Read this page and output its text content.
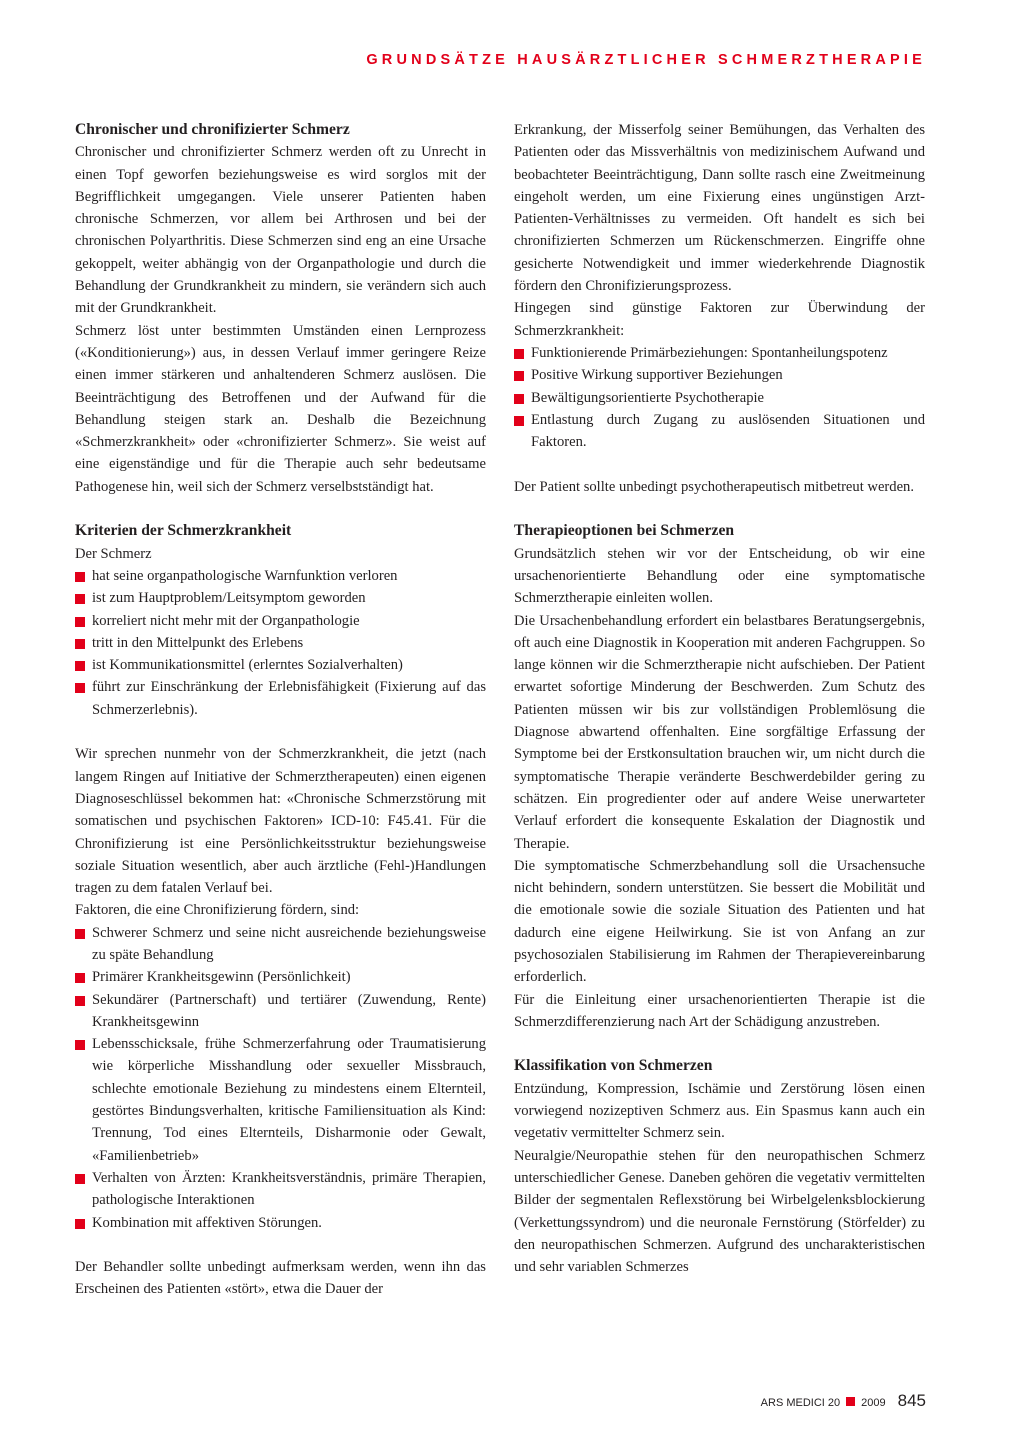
GRUNDSÄTZE HAUSÄRZTLICHER SCHMERZTHERAPIE
Chronischer und chronifizierter Schmerz

Chronischer und chronifizierter Schmerz werden oft zu Unrecht in einen Topf geworfen beziehungsweise es wird sorglos mit der Begrifflichkeit umgegangen. Viele unserer Patienten haben chronische Schmerzen, vor allem bei Arthrosen und bei der chronischen Polyarthritis. Diese Schmerzen sind eng an eine Ursache gekoppelt, weiter abhängig von der Organpathologie und durch die Behandlung der Grundkrankheit zu mindern, sie verändern sich auch mit der Grundkrankheit.

Schmerz löst unter bestimmten Umständen einen Lernprozess («Konditionierung») aus, in dessen Verlauf immer geringere Reize einen immer stärkeren und anhaltenderen Schmerz auslösen. Die Beeinträchtigung des Betroffenen und der Aufwand für die Behandlung steigen stark an. Deshalb die Bezeichnung «Schmerzkrankheit» oder «chronifizierter Schmerz». Sie weist auf eine eigenständige und für die Therapie auch sehr bedeutsame Pathogenese hin, weil sich der Schmerz verselbstständigt hat.

Kriterien der Schmerzkrankheit

Der Schmerz

hat seine organpathologische Warnfunktion verloren
ist zum Hauptproblem/Leitsymptom geworden
korreliert nicht mehr mit der Organpathologie
tritt in den Mittelpunkt des Erlebens
ist Kommunikationsmittel (erlerntes Sozialverhalten)
führt zur Einschränkung der Erlebnisfähigkeit (Fixierung auf das Schmerzerlebnis).

Wir sprechen nunmehr von der Schmerzkrankheit, die jetzt (nach langem Ringen auf Initiative der Schmerztherapeuten) einen eigenen Diagnoseschlüssel bekommen hat: «Chronische Schmerzstörung mit somatischen und psychischen Faktoren» ICD-10: F45.41. Für die Chronifizierung ist eine Persönlichkeitsstruktur beziehungsweise soziale Situation wesentlich, aber auch ärztliche (Fehl-)Handlungen tragen zu dem fatalen Verlauf bei.

Faktoren, die eine Chronifizierung fördern, sind:

Schwerer Schmerz und seine nicht ausreichende beziehungsweise zu späte Behandlung
Primärer Krankheitsgewinn (Persönlichkeit)
Sekundärer (Partnerschaft) und tertiärer (Zuwendung, Rente) Krankheitsgewinn
Lebensschicksale, frühe Schmerzerfahrung oder Traumatisierung wie körperliche Misshandlung oder sexueller Missbrauch, schlechte emotionale Beziehung zu mindestens einem Elternteil, gestörtes Bindungsverhalten, kritische Familiensituation als Kind: Trennung, Tod eines Elternteils, Disharmonie oder Gewalt, «Familienbetrieb»
Verhalten von Ärzten: Krankheitsverständnis, primäre Therapien, pathologische Interaktionen
Kombination mit affektiven Störungen.

Der Behandler sollte unbedingt aufmerksam werden, wenn ihn das Erscheinen des Patienten «stört», etwa die Dauer der

Erkrankung, der Misserfolg seiner Bemühungen, das Verhalten des Patienten oder das Missverhältnis von medizinischem Aufwand und beobachteter Beeinträchtigung, Dann sollte rasch eine Zweitmeinung eingeholt werden, um eine Fixierung eines ungünstigen Arzt-Patienten-Verhältnisses zu vermeiden. Oft handelt es sich bei chronifizierten Schmerzen um Rückenschmerzen. Eingriffe ohne gesicherte Notwendigkeit und immer wiederkehrende Diagnostik fördern den Chronifizierungsprozess.

Hingegen sind günstige Faktoren zur Überwindung der Schmerzkrankheit:

Funktionierende Primärbeziehungen: Spontanheilungspotenz
Positive Wirkung supportiver Beziehungen
Bewältigungsorientierte Psychotherapie
Entlastung durch Zugang zu auslösenden Situationen und Faktoren.

Der Patient sollte unbedingt psychotherapeutisch mitbetreut werden.

Therapieoptionen bei Schmerzen

Grundsätzlich stehen wir vor der Entscheidung, ob wir eine ursachenorientierte Behandlung oder eine symptomatische Schmerztherapie einleiten wollen.

Die Ursachenbehandlung erfordert ein belastbares Beratungsergebnis, oft auch eine Diagnostik in Kooperation mit anderen Fachgruppen. So lange können wir die Schmerztherapie nicht aufschieben. Der Patient erwartet sofortige Minderung der Beschwerden. Zum Schutz des Patienten müssen wir bis zur vollständigen Problemlösung die Diagnose abwartend offenhalten. Eine sorgfältige Erfassung der Symptome bei der Erstkonsultation brauchen wir, um nicht durch die symptomatische Therapie veränderte Beschwerdebilder gering zu schätzen. Ein progredienter oder auf andere Weise unerwarteter Verlauf erfordert die konsequente Eskalation der Diagnostik und Therapie.

Die symptomatische Schmerzbehandlung soll die Ursachensuche nicht behindern, sondern unterstützen. Sie bessert die Mobilität und die emotionale sowie die soziale Situation des Patienten und hat dadurch eine eigene Heilwirkung. Sie ist von Anfang an zur psychosozialen Stabilisierung im Rahmen der Therapievereinbarung erforderlich.

Für die Einleitung einer ursachenorientierten Therapie ist die Schmerzdifferenzierung nach Art der Schädigung anzustreben.

Klassifikation von Schmerzen

Entzündung, Kompression, Ischämie und Zerstörung lösen einen vorwiegend nozizeptiven Schmerz aus. Ein Spasmus kann auch ein vegetativ vermittelter Schmerz sein.

Neuralgie/Neuropathie stehen für den neuropathischen Schmerz unterschiedlicher Genese. Daneben gehören die vegetativ vermittelten Bilder der segmentalen Reflexstörung bei Wirbelgelenksblockierung (Verkettungssyndrom) und die neuronale Fernstörung (Störfelder) zu den neuropathischen Schmerzen. Aufgrund des uncharakteristischen und sehr variablen Schmerzes

ARS MEDICI 20 2009 845
